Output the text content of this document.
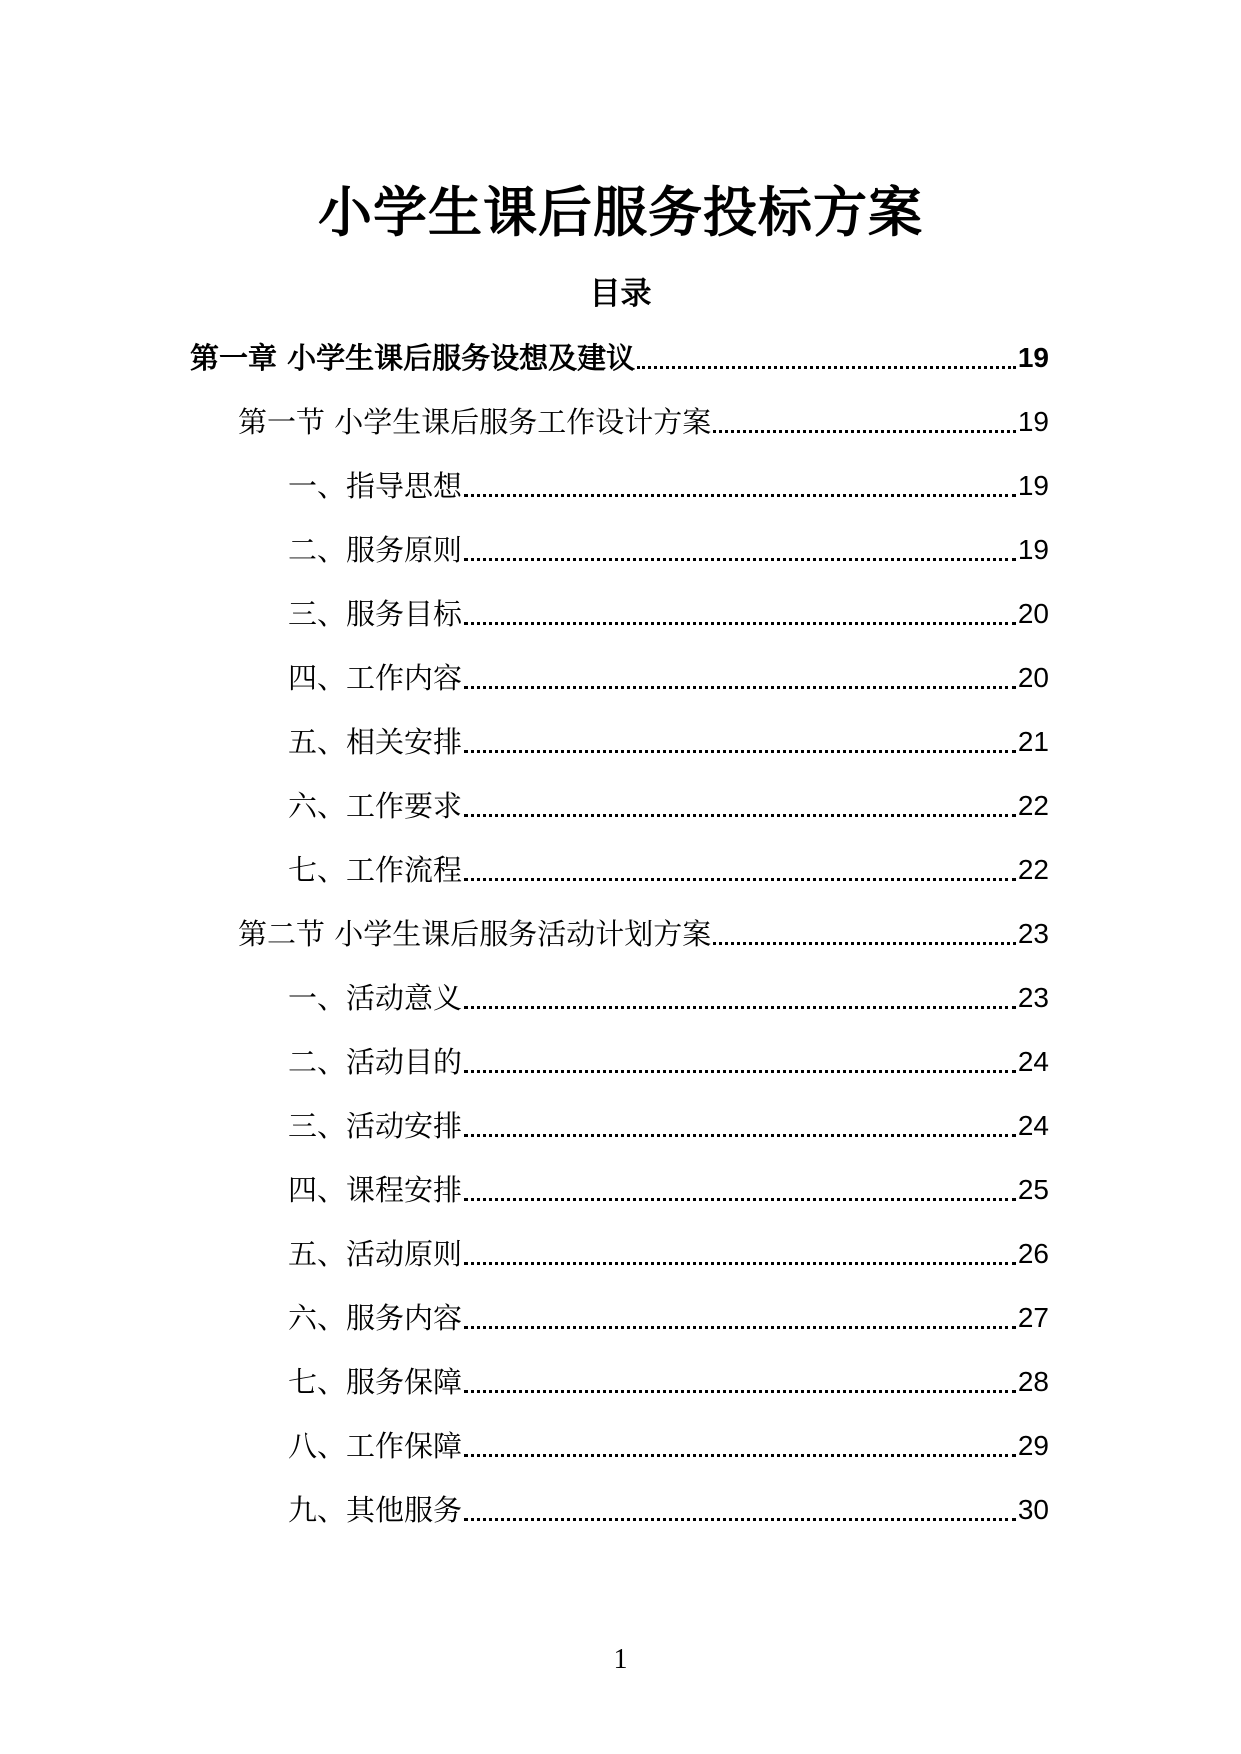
小学生课后服务投标方案
目录
第一章 小学生课后服务设想及建议	19
第一节 小学生课后服务工作设计方案	19
一、指导思想	19
二、服务原则	19
三、服务目标	20
四、工作内容	20
五、相关安排	21
六、工作要求	22
七、工作流程	22
第二节 小学生课后服务活动计划方案	23
一、活动意义	23
二、活动目的	24
三、活动安排	24
四、课程安排	25
五、活动原则	26
六、服务内容	27
七、服务保障	28
八、工作保障	29
九、其他服务	30
1
